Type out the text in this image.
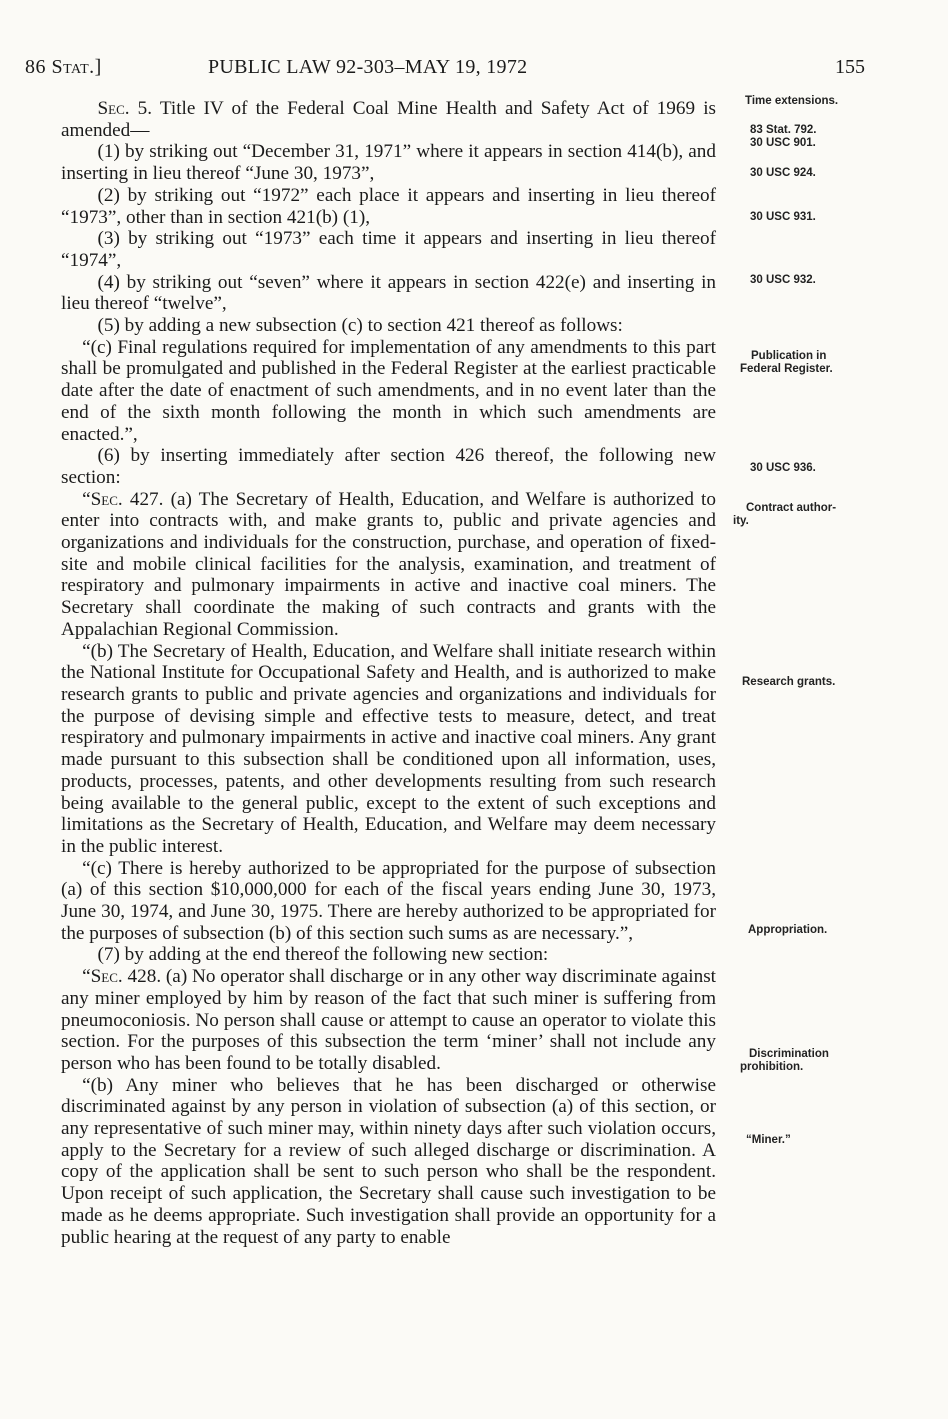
86 Stat.]	PUBLIC LAW 92-303–MAY 19, 1972	155

Sec. 5. Title IV of the Federal Coal Mine Health and Safety Act of 1969 is amended—

(1) by striking out “December 31, 1971” where it appears in section 414(b), and inserting in lieu thereof “June 30, 1973”,

(2) by striking out “1972” each place it appears and inserting in lieu thereof “1973”, other than in section 421(b) (1),

(3) by striking out “1973” each time it appears and inserting in lieu thereof “1974”,

(4) by striking out “seven” where it appears in section 422(e) and inserting in lieu thereof “twelve”,

(5) by adding a new subsection (c) to section 421 thereof as follows:

“(c) Final regulations required for implementation of any amendments to this part shall be promulgated and published in the Federal Register at the earliest practicable date after the date of enactment of such amendments, and in no event later than the end of the sixth month following the month in which such amendments are enacted.”,

(6) by inserting immediately after section 426 thereof, the following new section:

“Sec. 427. (a) The Secretary of Health, Education, and Welfare is authorized to enter into contracts with, and make grants to, public and private agencies and organizations and individuals for the construction, purchase, and operation of fixed-site and mobile clinical facilities for the analysis, examination, and treatment of respiratory and pulmonary impairments in active and inactive coal miners. The Secretary shall coordinate the making of such contracts and grants with the Appalachian Regional Commission.

“(b) The Secretary of Health, Education, and Welfare shall initiate research within the National Institute for Occupational Safety and Health, and is authorized to make research grants to public and private agencies and organizations and individuals for the purpose of devising simple and effective tests to measure, detect, and treat respiratory and pulmonary impairments in active and inactive coal miners. Any grant made pursuant to this subsection shall be conditioned upon all information, uses, products, processes, patents, and other developments resulting from such research being available to the general public, except to the extent of such exceptions and limitations as the Secretary of Health, Education, and Welfare may deem necessary in the public interest.

“(c) There is hereby authorized to be appropriated for the purpose of subsection (a) of this section $10,000,000 for each of the fiscal years ending June 30, 1973, June 30, 1974, and June 30, 1975. There are hereby authorized to be appropriated for the purposes of subsection (b) of this section such sums as are necessary.”,

(7) by adding at the end thereof the following new section:

“Sec. 428. (a) No operator shall discharge or in any other way discriminate against any miner employed by him by reason of the fact that such miner is suffering from pneumoconiosis. No person shall cause or attempt to cause an operator to violate this section. For the purposes of this subsection the term ‘miner’ shall not include any person who has been found to be totally disabled.

“(b) Any miner who believes that he has been discharged or otherwise discriminated against by any person in violation of subsection (a) of this section, or any representative of such miner may, within ninety days after such violation occurs, apply to the Secretary for a review of such alleged discharge or discrimination. A copy of the application shall be sent to such person who shall be the respondent. Upon receipt of such application, the Secretary shall cause such investigation to be made as he deems appropriate. Such investigation shall provide an opportunity for a public hearing at the request of any party to enable

Time extensions.
83 Stat. 792.
30 USC 901.
30 USC 924.
30 USC 931.
30 USC 932.
Publication in
Federal Register.
30 USC 936.
Contract author-
ity.
Research grants.
Appropriation.
Discrimination
prohibition.
“Miner.”
